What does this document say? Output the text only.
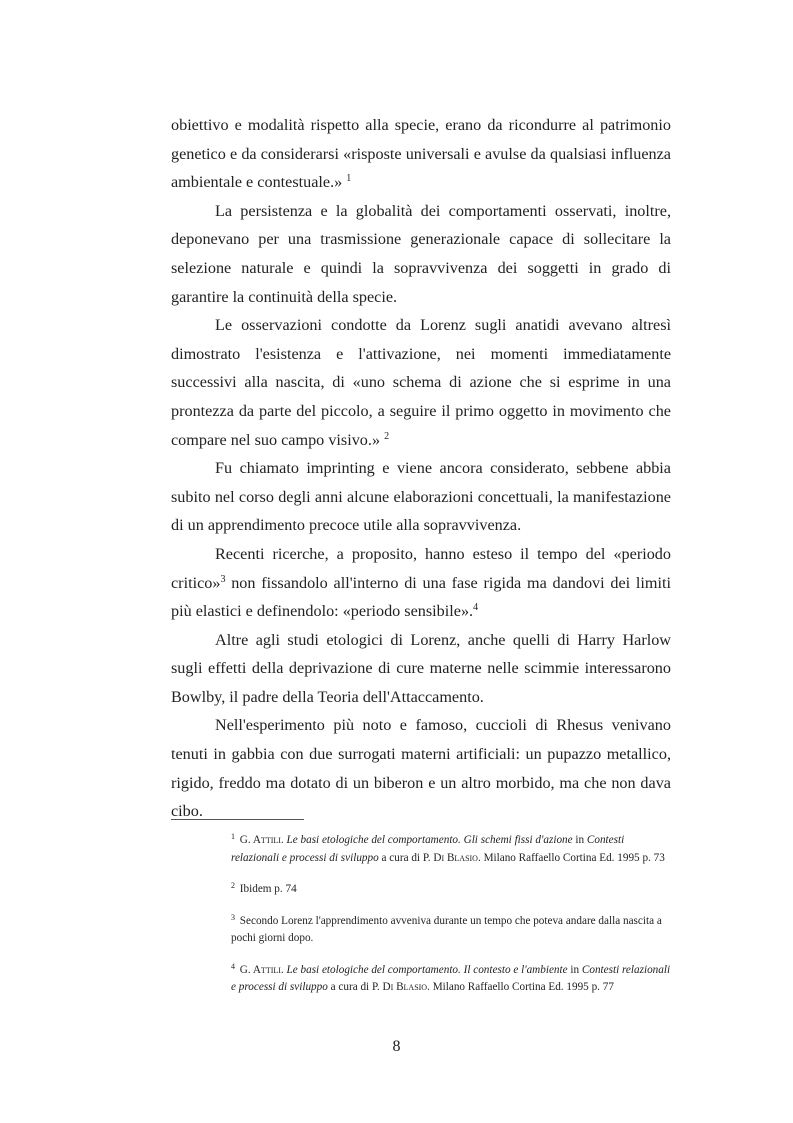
obiettivo e modalità rispetto alla specie, erano da ricondurre al patrimonio genetico e da considerarsi «risposte universali e avulse da qualsiasi influenza ambientale e contestuale.» $^1$

La persistenza e la globalità dei comportamenti osservati, inoltre, deponevano per una trasmissione generazionale capace di sollecitare la selezione naturale e quindi la sopravvivenza dei soggetti in grado di garantire la continuità della specie.

Le osservazioni condotte da Lorenz sugli anatidi avevano altresì dimostrato l'esistenza e l'attivazione, nei momenti immediatamente successivi alla nascita, di «uno schema di azione che si esprime in una prontezza da parte del piccolo, a seguire il primo oggetto in movimento che compare nel suo campo visivo.» $^2$

Fu chiamato imprinting e viene ancora considerato, sebbene abbia subito nel corso degli anni alcune elaborazioni concettuali, la manifestazione di un apprendimento precoce utile alla sopravvivenza.

Recenti ricerche, a proposito, hanno esteso il tempo del «periodo critico»$^3$ non fissandolo all'interno di una fase rigida ma dandovi dei limiti più elastici e definendolo: «periodo sensibile».$^4$

Altre agli studi etologici di Lorenz, anche quelli di Harry Harlow sugli effetti della deprivazione di cure materne nelle scimmie interessarono Bowlby, il padre della Teoria dell'Attaccamento.

Nell'esperimento più noto e famoso, cuccioli di Rhesus venivano tenuti in gabbia con due surrogati materni artificiali: un pupazzo metallico, rigido, freddo ma dotato di un biberon e un altro morbido, ma che non dava cibo.

$^1$ G. Attili. Le basi etologiche del comportamento. Gli schemi fissi d'azione in Contesti relazionali e processi di sviluppo a cura di P. Di Blasio. Milano Raffaello Cortina Ed. 1995 p. 73

$^2$ Ibidem p. 74

$^3$ Secondo Lorenz l'apprendimento avveniva durante un tempo che poteva andare dalla nascita a pochi giorni dopo.

$^4$ G. Attili. Le basi etologiche del comportamento. Il contesto e l'ambiente in Contesti relazionali e processi di sviluppo a cura di P. Di Blasio. Milano Raffaello Cortina Ed. 1995 p. 77

8
